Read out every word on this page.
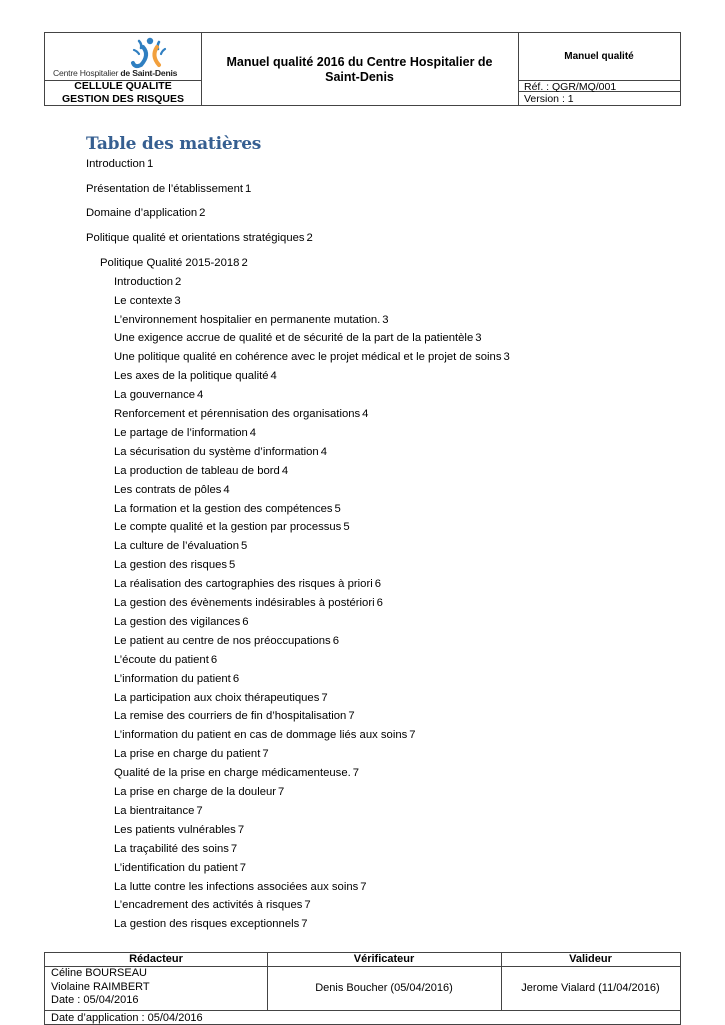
Centre Hospitalier de Saint-Denis
CELLULE QUALITE
GESTION DES RISQUES
Manuel qualité 2016 du Centre Hospitalier de
Saint-Denis
Manuel qualité
Réf. : QGR/MQ/001
Version : 1
Table des matières
Introduction 1
Présentation de l’établissement 1
Domaine d’application 2
Politique qualité et orientations stratégiques 2
Politique Qualité 2015-2018 2
Introduction 2
Le contexte 3
L’environnement hospitalier en permanente mutation. 3
Une exigence accrue de qualité et de sécurité de la part de la patientèle 3
Une politique qualité en cohérence avec le projet médical et le projet de soins 3
Les axes de la politique qualité 4
La gouvernance 4
Renforcement et pérennisation des organisations 4
Le partage de l’information 4
La sécurisation du système d’information 4
La production de tableau de bord 4
Les contrats de pôles 4
La formation et la gestion des compétences 5
Le compte qualité et la gestion par processus 5
La culture de l’évaluation 5
La gestion des risques 5
La réalisation des cartographies des risques à priori 6
La gestion des évènements indésirables à postériori 6
La gestion des vigilances 6
Le patient au centre de nos préoccupations 6
L’écoute du patient 6
L’information du patient 6
La participation aux choix thérapeutiques 7
La remise des courriers de fin d’hospitalisation 7
L’information du patient en cas de dommage liés aux soins 7
La prise en charge du patient 7
Qualité de la prise en charge médicamenteuse. 7
La prise en charge de la douleur 7
La bientraitance 7
Les patients vulnérables 7
La traçabilité des soins 7
L’identification du patient 7
La lutte contre les infections associées aux soins 7
L’encadrement des activités à risques 7
La gestion des risques exceptionnels 7
Rédacteur	Vérificateur	Valideur
Céline BOURSEAU
Violaine RAIMBERT
Date : 05/04/2016
Denis Boucher (05/04/2016)	Jerome Vialard (11/04/2016)
Date d’application : 05/04/2016
